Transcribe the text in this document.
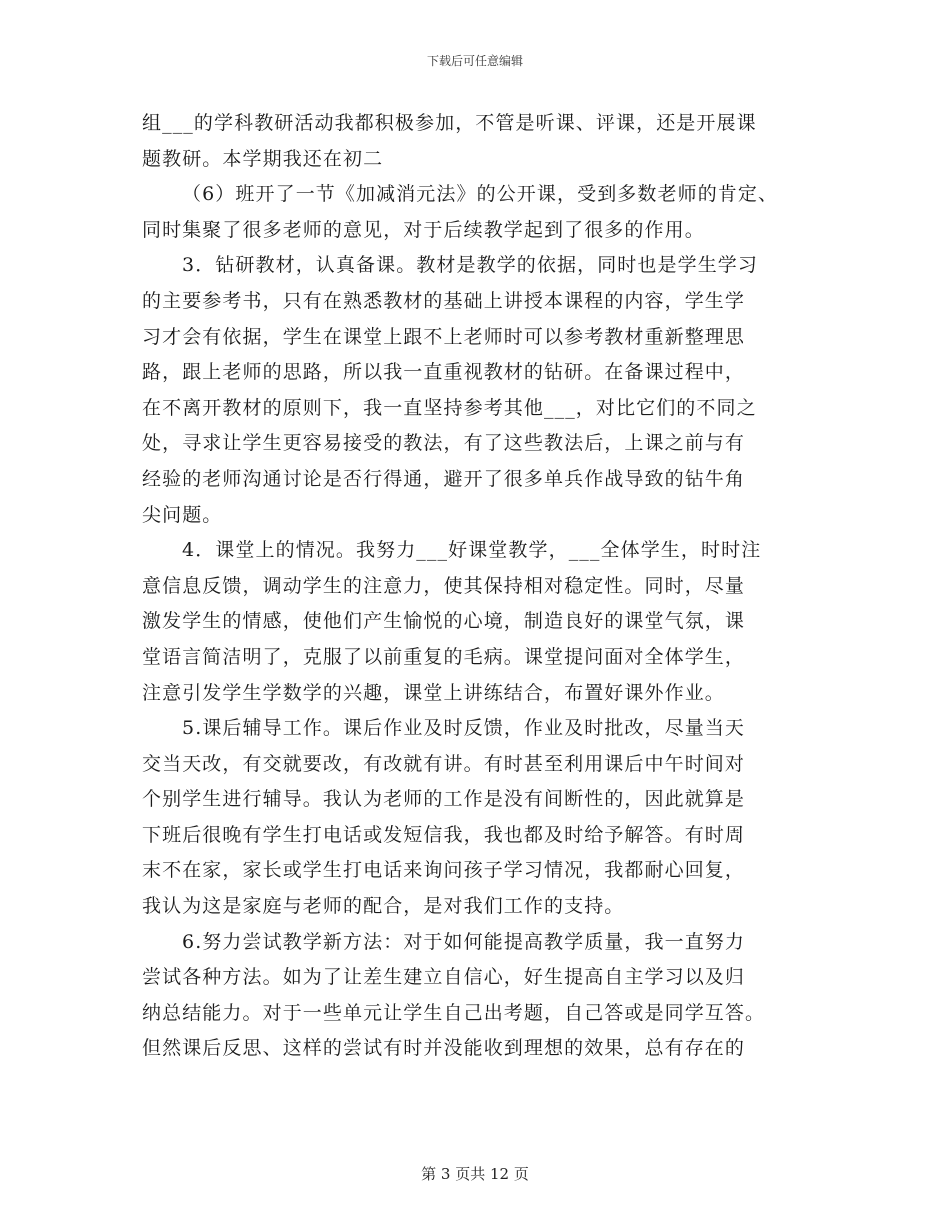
下载后可任意编辑
组___的学科教研活动我都积极参加，不管是听课、评课，还是开展课
题教研。本学期我还在初二
（6）班开了一节《加减消元法》的公开课，受到多数老师的肯定、
同时集聚了很多老师的意见，对于后续教学起到了很多的作用。
3．钻研教材，认真备课。教材是教学的依据，同时也是学生学习
的主要参考书，只有在熟悉教材的基础上讲授本课程的内容，学生学
习才会有依据，学生在课堂上跟不上老师时可以参考教材重新整理思
路，跟上老师的思路，所以我一直重视教材的钻研。在备课过程中，
在不离开教材的原则下，我一直坚持参考其他___，对比它们的不同之
处，寻求让学生更容易接受的教法，有了这些教法后，上课之前与有
经验的老师沟通讨论是否行得通，避开了很多单兵作战导致的钻牛角
尖问题。
4．课堂上的情况。我努力___好课堂教学，___全体学生，时时注
意信息反馈，调动学生的注意力，使其保持相对稳定性。同时，尽量
激发学生的情感，使他们产生愉悦的心境，制造良好的课堂气氛，课
堂语言简洁明了，克服了以前重复的毛病。课堂提问面对全体学生，
注意引发学生学数学的兴趣，课堂上讲练结合，布置好课外作业。
5.课后辅导工作。课后作业及时反馈，作业及时批改，尽量当天
交当天改，有交就要改，有改就有讲。有时甚至利用课后中午时间对
个别学生进行辅导。我认为老师的工作是没有间断性的，因此就算是
下班后很晚有学生打电话或发短信我，我也都及时给予解答。有时周
末不在家，家长或学生打电话来询问孩子学习情况，我都耐心回复，
我认为这是家庭与老师的配合，是对我们工作的支持。
6.努力尝试教学新方法：对于如何能提高教学质量，我一直努力
尝试各种方法。如为了让差生建立自信心，好生提高自主学习以及归
纳总结能力。对于一些单元让学生自己出考题，自己答或是同学互答。
但然课后反思、这样的尝试有时并没能收到理想的效果，总有存在的
第 3 页共 12 页
